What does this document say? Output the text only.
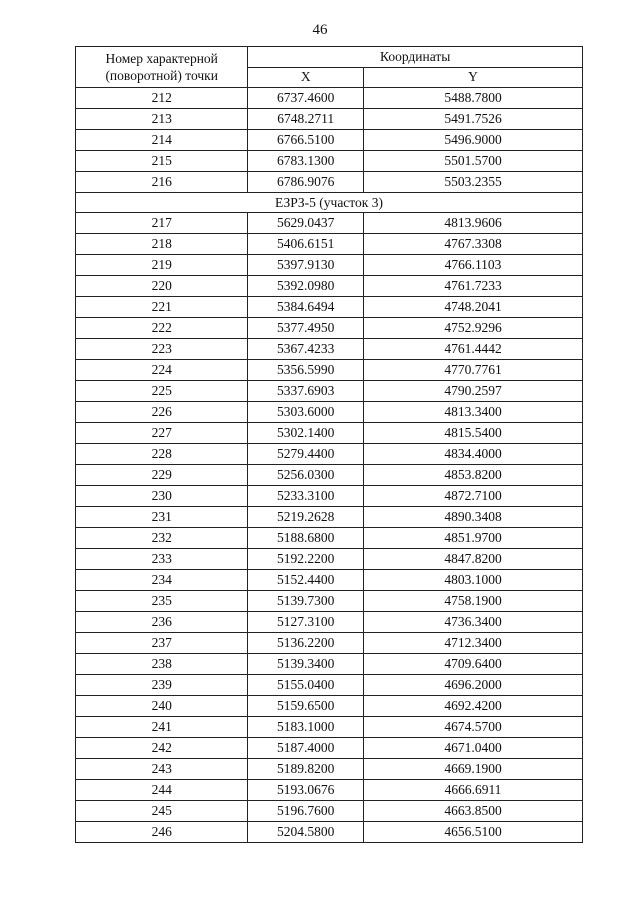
46
Номер характерной (поворотной) точки	Координаты	
	X	Y
212	6737.4600	5488.7800
213	6748.2711	5491.7526
214	6766.5100	5496.9000
215	6783.1300	5501.5700
216	6786.9076	5503.2355
ЕЗРЗ-5 (участок 3)		
217	5629.0437	4813.9606
218	5406.6151	4767.3308
219	5397.9130	4766.1103
220	5392.0980	4761.7233
221	5384.6494	4748.2041
222	5377.4950	4752.9296
223	5367.4233	4761.4442
224	5356.5990	4770.7761
225	5337.6903	4790.2597
226	5303.6000	4813.3400
227	5302.1400	4815.5400
228	5279.4400	4834.4000
229	5256.0300	4853.8200
230	5233.3100	4872.7100
231	5219.2628	4890.3408
232	5188.6800	4851.9700
233	5192.2200	4847.8200
234	5152.4400	4803.1000
235	5139.7300	4758.1900
236	5127.3100	4736.3400
237	5136.2200	4712.3400
238	5139.3400	4709.6400
239	5155.0400	4696.2000
240	5159.6500	4692.4200
241	5183.1000	4674.5700
242	5187.4000	4671.0400
243	5189.8200	4669.1900
244	5193.0676	4666.6911
245	5196.7600	4663.8500
246	5204.5800	4656.5100
